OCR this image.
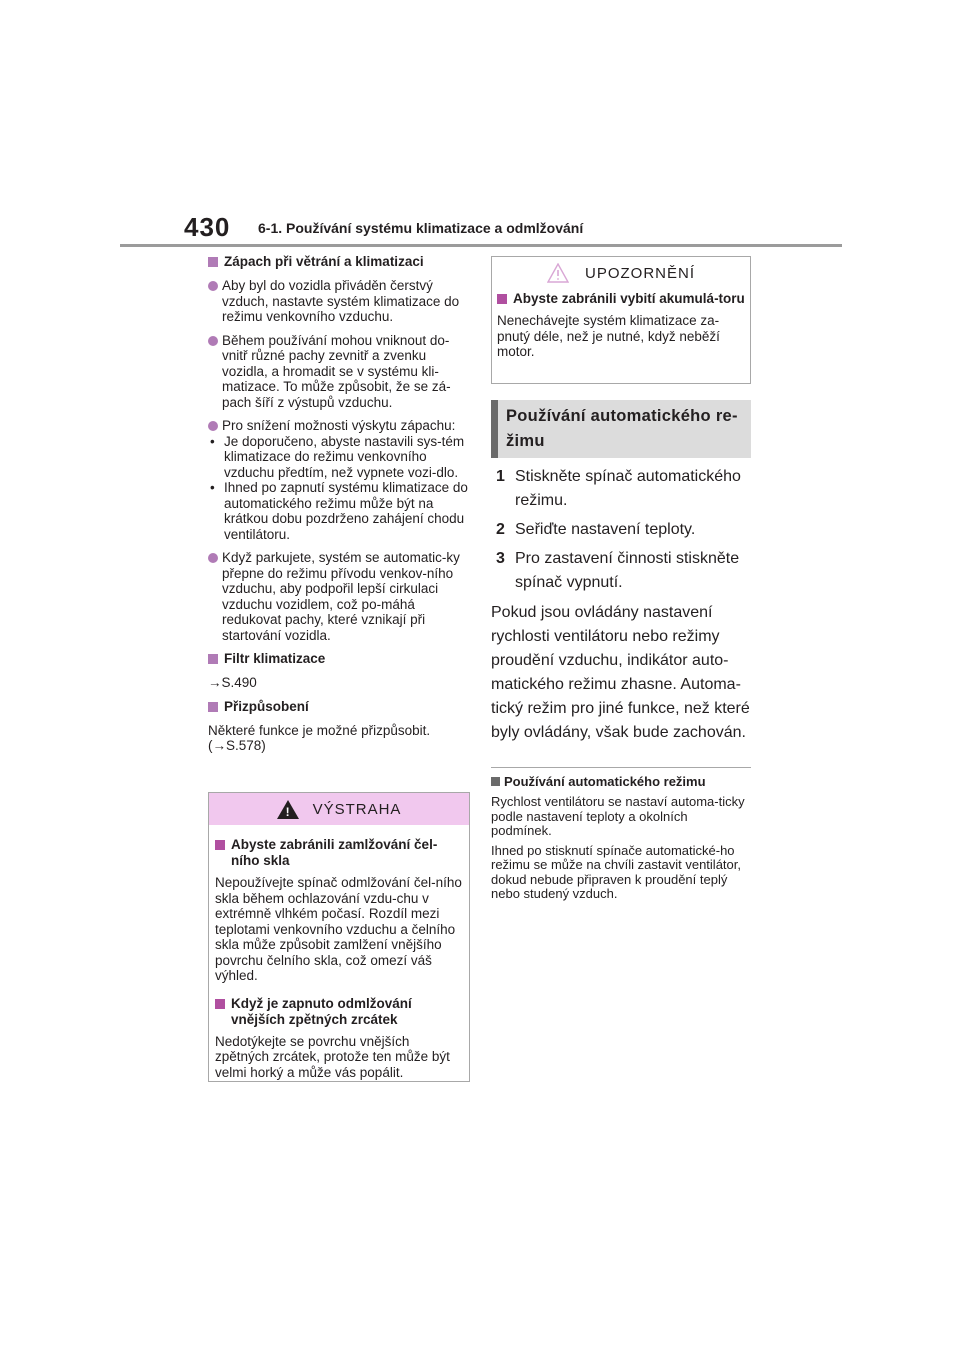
430 6-1. Používání systému klimatizace a odmlžování
Zápach při větrání a klimatizaci
Aby byl do vozidla přiváděn čerstvý vzduch, nastavte systém klimatizace do režimu venkovního vzduchu.
Během používání mohou vniknout do-vnitř různé pachy zevnitř a zvenku vozidla, a hromadit se v systému kli-matizace. To může způsobit, že se zá-pach šíří z výstupů vzduchu.
Pro snížení možnosti výskytu zápachu:
• Je doporučeno, abyste nastavili sys-tém klimatizace do režimu venkovního vzduchu předtím, než vypnete vozi-dlo.
• Ihned po zapnutí systému klimatizace do automatického režimu může být na krátkou dobu pozdrženo zahájení chodu ventilátoru.
Když parkujete, systém se automatic-ky přepne do režimu přívodu venkov-ního vzduchu, aby podpořil lepší cirkulaci vzduchu vozidlem, což po-máhá redukovat pachy, které vznikají při startování vozidla.
Filtr klimatizace
→S.490
Přizpůsobení
Některé funkce je možné přizpůsobit. (→S.578)
! VÝSTRAHA
Abyste zabránili zamlžování čel-ního skla
Nepoužívejte spínač odmlžování čel-ního skla během ochlazování vzdu-chu v extrémně vlhkém počasí. Rozdíl mezi teplotami venkovního vzduchu a čelního skla může způsobit zamlžení vnějšího povrchu čelního skla, což omezí váš výhled.
Když je zapnuto odmlžování vnějších zpětných zrcátek
Nedotýkejte se povrchu vnějších zpětných zrcátek, protože ten může být velmi horký a může vás popálit.
UPOZORNĚNÍ
Abyste zabránili vybití akumulá-toru
Nenechávejte systém klimatizace za-pnutý déle, než je nutné, když neběží motor.
Používání automatického re-žimu
1 Stiskněte spínač automatického režimu.
2 Seřiďte nastavení teploty.
3 Pro zastavení činnosti stiskněte spínač vypnutí.
Pokud jsou ovládány nastavení rychlosti ventilátoru nebo režimy proudění vzduchu, indikátor auto-matického režimu zhasne. Automa-tický režim pro jiné funkce, než které byly ovládány, však bude zachován.
Používání automatického režimu
Rychlost ventilátoru se nastaví automa-ticky podle nastavení teploty a okolních podmínek.
Ihned po stisknutí spínače automatické-ho režimu se může na chvíli zastavit ventilátor, dokud nebude připraven k proudění teplý nebo studený vzduch.
